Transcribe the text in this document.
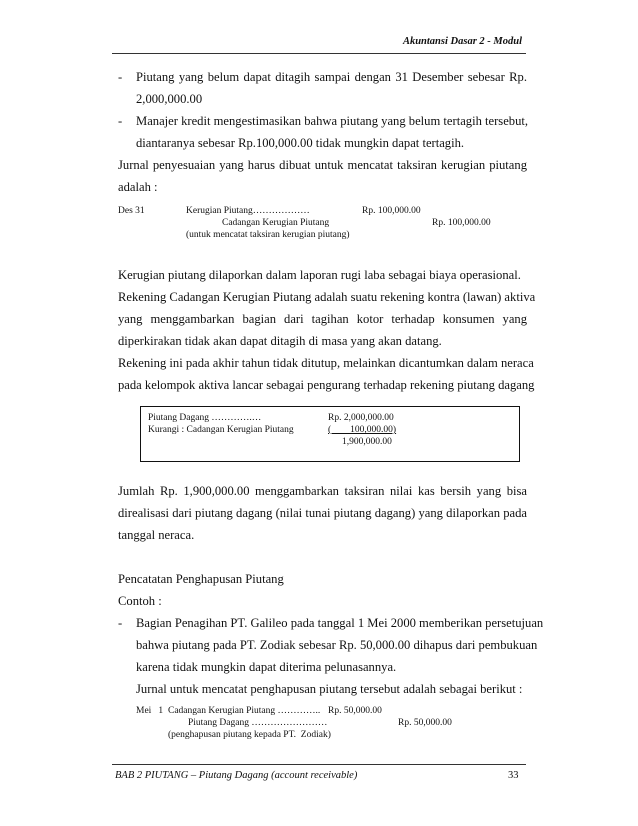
Akuntansi Dasar 2 - Modul
- Piutang yang belum dapat ditagih sampai dengan 31 Desember sebesar Rp.
2,000,000.00
- Manajer kredit mengestimasikan bahwa piutang yang belum tertagih tersebut,
diantaranya sebesar Rp.100,000.00 tidak mungkin dapat tertagih.
Jurnal penyesuaian yang harus dibuat untuk mencatat taksiran kerugian piutang
adalah :
Des 31	Kerugian Piutang………………	Rp. 100,000.00
Cadangan Kerugian Piutang	Rp. 100,000.00
(untuk mencatat taksiran kerugian piutang)
Kerugian piutang dilaporkan dalam laporan rugi laba sebagai biaya operasional.
Rekening Cadangan Kerugian Piutang adalah suatu rekening kontra (lawan) aktiva
yang menggambarkan bagian dari tagihan kotor terhadap konsumen yang
diperkirakan tidak akan dapat ditagih di masa yang akan datang.
Rekening ini pada akhir tahun tidak ditutup, melainkan dicantumkan dalam neraca
pada kelompok aktiva lancar sebagai pengurang terhadap rekening piutang dagang
Piutang Dagang ………….…	Rp. 2,000,000.00
Kurangi : Cadangan Kerugian Piutang	(        100,000.00)
1,900,000.00
Jumlah Rp. 1,900,000.00 menggambarkan taksiran nilai kas bersih yang bisa
direalisasi dari piutang dagang (nilai tunai piutang dagang) yang dilaporkan pada
tanggal neraca.
Pencatatan Penghapusan Piutang
Contoh :
- Bagian Penagihan PT. Galileo pada tanggal 1 Mei 2000 memberikan persetujuan
bahwa piutang pada PT. Zodiak sebesar Rp. 50,000.00 dihapus dari pembukuan
karena tidak mungkin dapat diterima pelunasannya.
Jurnal untuk mencatat penghapusan piutang tersebut adalah sebagai berikut :
Mei   1 Cadangan Kerugian Piutang ………….. Rp. 50,000.00
Piutang Dagang ……………………	Rp. 50,000.00
(penghapusan piutang kepada PT.  Zodiak)
BAB 2 PIUTANG – Piutang Dagang (account receivable)	33
